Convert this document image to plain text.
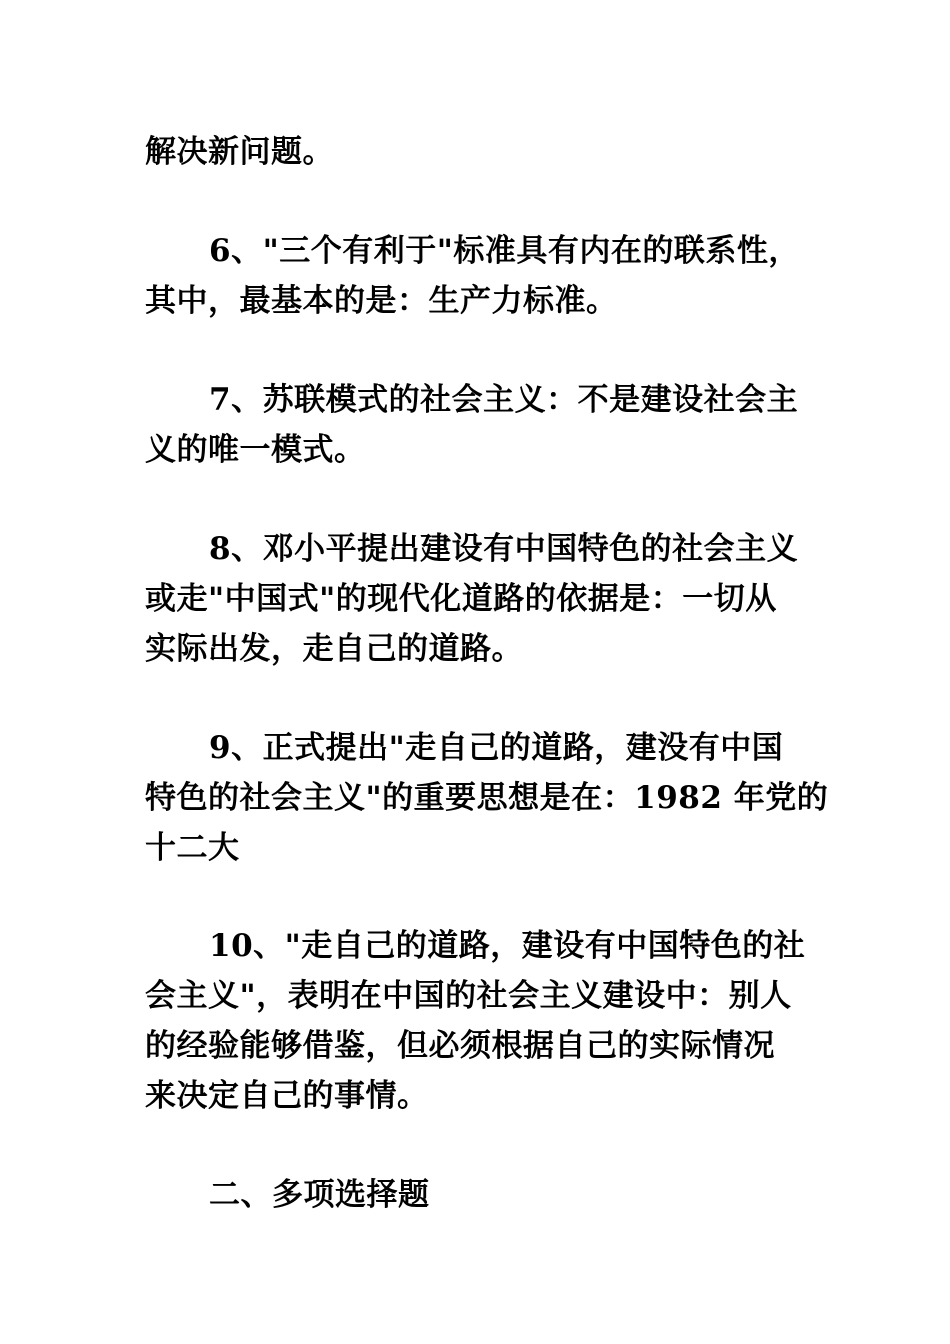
解决新问题。
6、"三个有利于"标准具有内在的联系性，
其中，最基本的是：生产力标准。
7、苏联模式的社会主义：不是建设社会主
义的唯一模式。
8、邓小平提出建设有中国特色的社会主义
或走"中国式"的现代化道路的依据是：一切从
实际出发，走自己的道路。
9、正式提出"走自己的道路，建没有中国
特色的社会主义"的重要思想是在：1982 年党的
十二大
10、"走自己的道路，建设有中国特色的社
会主义"，表明在中国的社会主义建设中：别人
的经验能够借鉴，但必须根据自己的实际情况
来决定自己的事情。
二、多项选择题
